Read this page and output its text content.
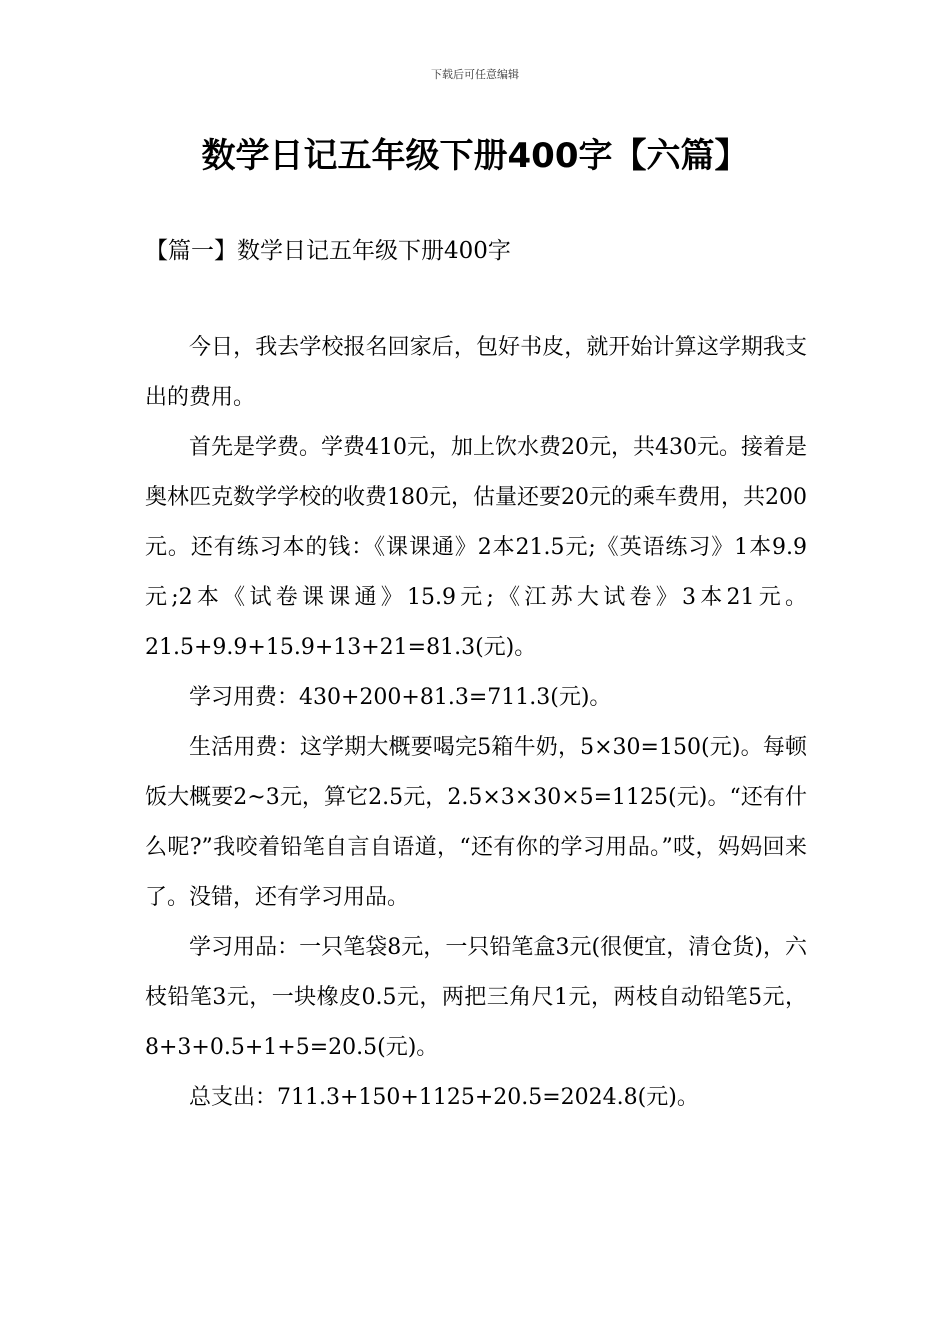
下载后可任意编辑
数学日记五年级下册400字【六篇】
【篇一】数学日记五年级下册400字

今日，我去学校报名回家后，包好书皮，就开始计算这学期我支出的费用。

首先是学费。学费410元，加上饮水费20元，共430元。接着是奥林匹克数学学校的收费180元，估量还要20元的乘车费用，共200元。还有练习本的钱：《课课通》2本21.5元;《英语练习》1本9.9元;2本《试卷课课通》15.9元;《江苏大试卷》3本21元。21.5+9.9+15.9+13+21=81.3(元)。

学习用费：430+200+81.3=711.3(元)。

生活用费：这学期大概要喝完5箱牛奶，5×30=150(元)。每顿饭大概要2~3元，算它2.5元，2.5×3×30×5=1125(元)。“还有什么呢?”我咬着铅笔自言自语道，“还有你的学习用品。”哎，妈妈回来了。没错，还有学习用品。

学习用品：一只笔袋8元，一只铅笔盒3元(很便宜，清仓货)，六枝铅笔3元，一块橡皮0.5元，两把三角尺1元，两枝自动铅笔5元，8+3+0.5+1+5=20.5(元)。

总支出：711.3+150+1125+20.5=2024.8(元)。
